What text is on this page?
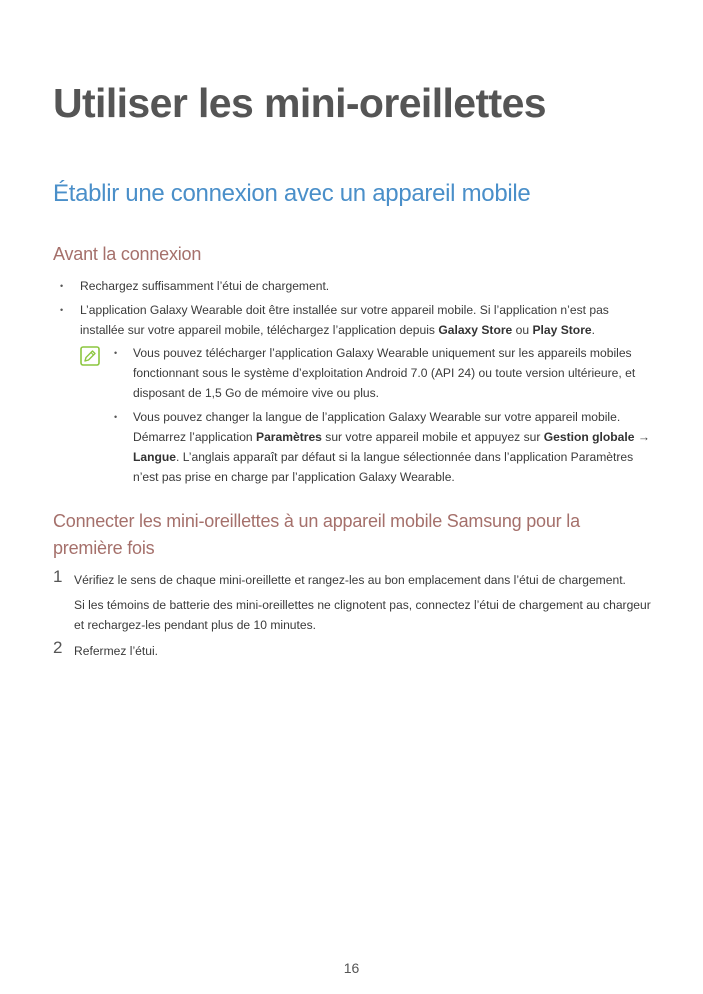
Utiliser les mini-oreillettes
Établir une connexion avec un appareil mobile
Avant la connexion
• Rechargez suffisamment l’étui de chargement.
• L’application Galaxy Wearable doit être installée sur votre appareil mobile. Si l’application n’est pas installée sur votre appareil mobile, téléchargez l’application depuis Galaxy Store ou Play Store.
• Vous pouvez télécharger l’application Galaxy Wearable uniquement sur les appareils mobiles fonctionnant sous le système d’exploitation Android 7.0 (API 24) ou toute version ultérieure, et disposant de 1,5 Go de mémoire vive ou plus.
• Vous pouvez changer la langue de l’application Galaxy Wearable sur votre appareil mobile. Démarrez l’application Paramètres sur votre appareil mobile et appuyez sur Gestion globale → Langue. L’anglais apparaît par défaut si la langue sélectionnée dans l’application Paramètres n’est pas prise en charge par l’application Galaxy Wearable.
Connecter les mini-oreillettes à un appareil mobile Samsung pour la première fois
1 Vérifiez le sens de chaque mini-oreillette et rangez-les au bon emplacement dans l’étui de chargement.

Si les témoins de batterie des mini-oreillettes ne clignotent pas, connectez l’étui de chargement au chargeur et rechargez-les pendant plus de 10 minutes.

2 Refermez l’étui.

16
